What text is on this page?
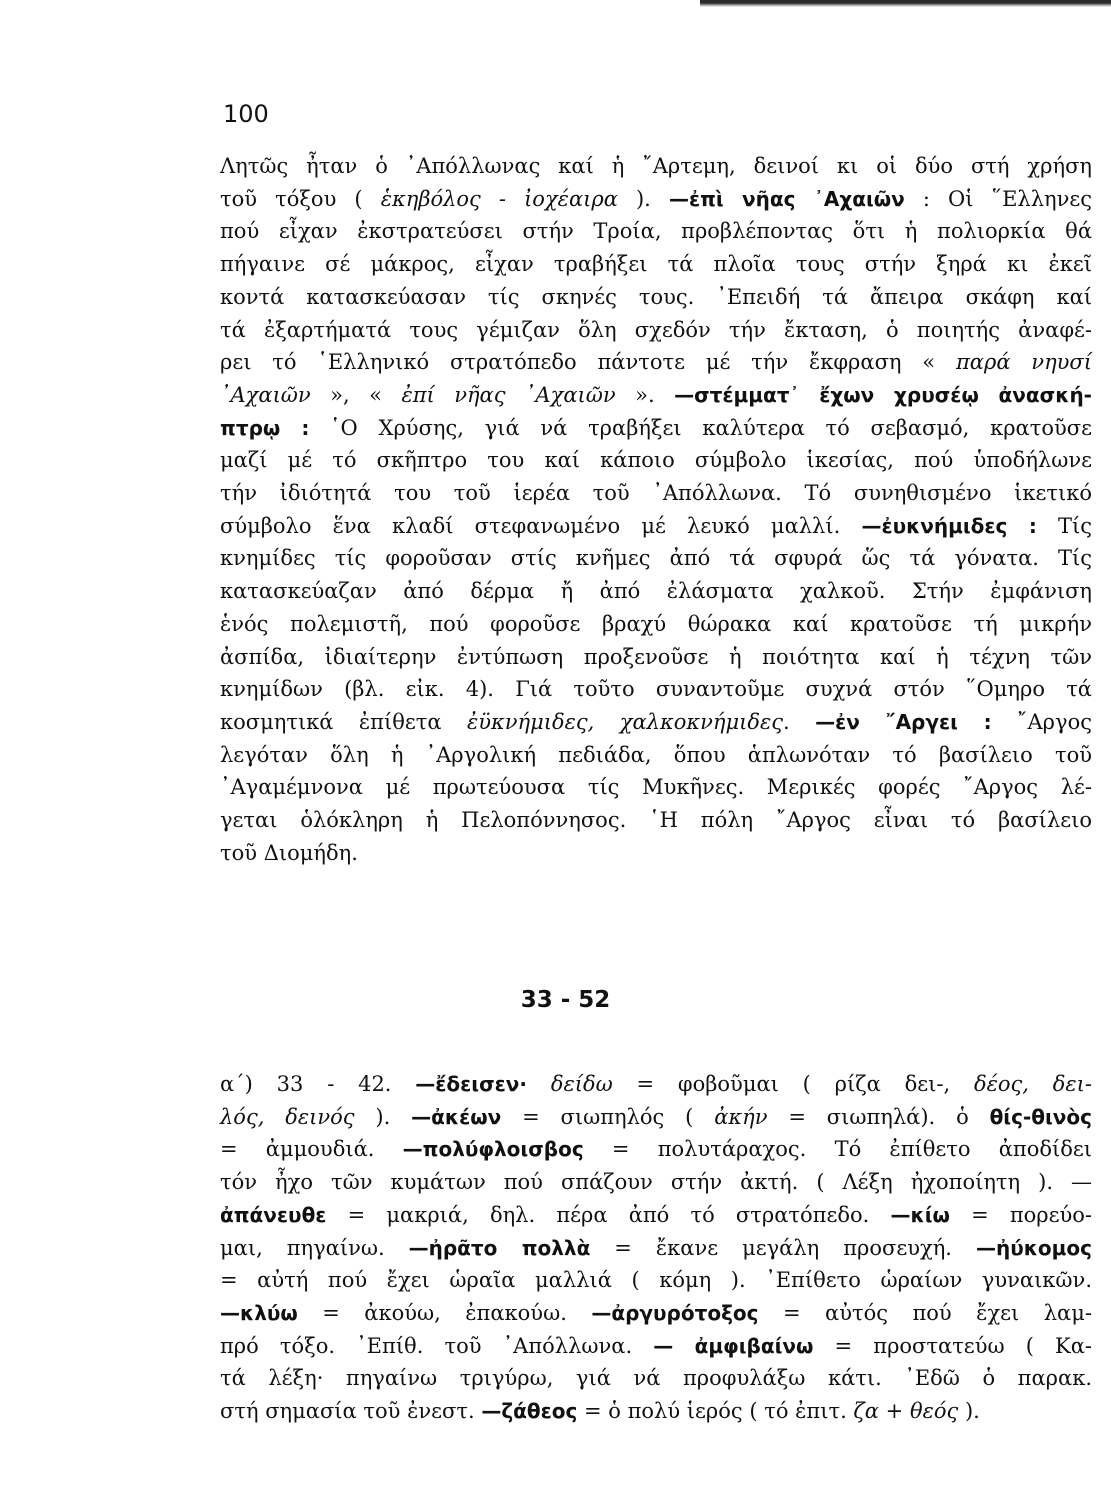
100
Λητῶς ἦταν ὁ ᾿Απόλλωνας καί ἡ ῎Αρτεμη, δεινοί κι οἱ δύο στή χρήση
τοῦ τόξου ( ἑκηβόλος - ἰοχέαιρα ). —ἐπὶ νῆας ᾿Αχαιῶν : Οἱ ῞Ελληνες
πού εἶχαν ἐκστρατεύσει στήν Τροία, προβλέποντας ὅτι ἡ πολιορκία θά
πήγαινε σέ μάκρος, εἶχαν τραβήξει τά πλοῖα τους στήν ξηρά κι ἐκεῖ
κοντά κατασκεύασαν τίς σκηνές τους. ᾿Επειδή τά ἄπειρα σκάφη καί
τά ἐξαρτήματά τους γέμιζαν ὅλη σχεδόν τήν ἔκταση, ὁ ποιητής ἀναφέ-
ρει τό ῾Ελληνικό στρατόπεδο πάντοτε μέ τήν ἔκφραση « παρά νηυσί
᾿Αχαιῶν », « ἐπί νῆας ᾿Αχαιῶν ». —στέμματ᾿ ἔχων χρυσέῳ ἀνασκή-
πτρῳ : ῾Ο Χρύσης, γιά νά τραβήξει καλύτερα τό σεβασμό, κρατοῦσε
μαζί μέ τό σκῆπτρο του καί κάποιο σύμβολο ἱκεσίας, πού ὑποδήλωνε
τήν ἰδιότητά του τοῦ ἱερέα τοῦ ᾿Απόλλωνα. Τό συνηθισμένο ἱκετικό
σύμβολο ἕνα κλαδί στεφανωμένο μέ λευκό μαλλί. —ἐυκνήμιδες : Τίς
κνημίδες τίς φοροῦσαν στίς κνῆμες ἀπό τά σφυρά ὥς τά γόνατα. Τίς
κατασκεύαζαν ἀπό δέρμα ἤ ἀπό ἐλάσματα χαλκοῦ. Στήν ἐμφάνιση
ἑνός πολεμιστῆ, πού φοροῦσε βραχύ θώρακα καί κρατοῦσε τή μικρήν
ἀσπίδα, ἰδιαίτερην ἐντύπωση προξενοῦσε ἡ ποιότητα καί ἡ τέχνη τῶν
κνημίδων (βλ. εἰκ. 4). Γιά τοῦτο συναντοῦμε συχνά στόν ῞Ομηρο τά
κοσμητικά ἐπίθετα ἐϋκνήμιδες, χαλκοκνήμιδες. —ἐν ῎Αργει : ῎Αργος
λεγόταν ὅλη ἡ ᾿Αργολική πεδιάδα, ὅπου ἁπλωνόταν τό βασίλειο τοῦ
᾿Αγαμέμνονα μέ πρωτεύουσα τίς Μυκῆνες. Μερικές φορές ῎Αργος λέ-
γεται ὁλόκληρη ἡ Πελοπόννησος. ῾Η πόλη ῎Αργος εἶναι τό βασίλειο
τοῦ Διομήδη.
33 - 52
α΄) 33 - 42. —ἔδεισεν· δείδω = φοβοῦμαι ( ρίζα δει-, δέος, δει-
λός, δεινός ). —ἀκέων = σιωπηλός ( ἀκήν = σιωπηλά). ὁ θίς-θινὸς
= ἀμμουδιά. —πολύφλοισβος = πολυτάραχος. Τό ἐπίθετο ἀποδίδει
τόν ἦχο τῶν κυμάτων πού σπάζουν στήν ἀκτή. ( Λέξη ἠχοποίητη ). —
ἀπάνευθε = μακριά, δηλ. πέρα ἀπό τό στρατόπεδο. —κίω = πορεύο-
μαι, πηγαίνω. —ἠρᾶτο πολλὰ = ἔκανε μεγάλη προσευχή. —ἠύκομος
= αὐτή πού ἔχει ὡραῖα μαλλιά ( κόμη ). ᾿Επίθετο ὡραίων γυναικῶν.
—κλύω = ἀκούω, ἐπακούω. —ἀργυρότοξος = αὐτός πού ἔχει λαμ-
πρό τόξο. ᾿Επίθ. τοῦ ᾿Απόλλωνα. — ἀμφιβαίνω = προστατεύω ( Κα-
τά λέξη· πηγαίνω τριγύρω, γιά νά προφυλάξω κάτι. ᾿Εδῶ ὁ παρακ.
στή σημασία τοῦ ἐνεστ. —ζάθεος = ὁ πολύ ἱερός ( τό ἐπιτ. ζα + θεός ).
